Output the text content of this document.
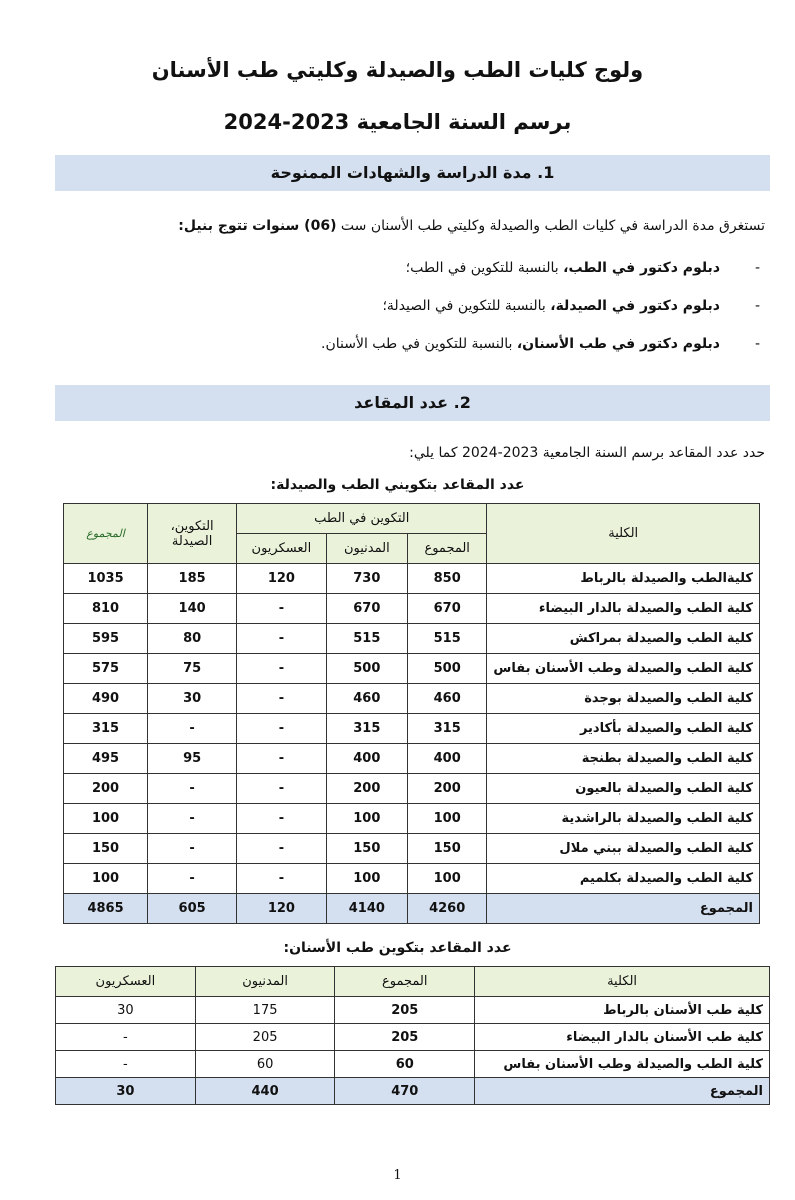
ولوج كليات الطب والصيدلة وكليتي طب الأسنان
برسم السنة الجامعية 2023-2024
1. مدة الدراسة والشهادات الممنوحة
تستغرق مدة الدراسة في كليات الطب والصيدلة وكليتي طب الأسنان ست (06) سنوات تتوج بنيل:
-دبلوم دكتور في الطب، بالنسبة للتكوين في الطب؛
-دبلوم دكتور في الصيدلة، بالنسبة للتكوين في الصيدلة؛
-دبلوم دكتور في طب الأسنان، بالنسبة للتكوين في طب الأسنان.
2. عدد المقاعد
حدد عدد المقاعد برسم السنة الجامعية 2023-2024 كما يلي:
عدد المقاعد بتكويني الطب والصيدلة:
الكلية	التكوين في الطب			التكوين، الصيدلة	المجموع
	المجموع	المدنيون	العسكريون		
كليةالطب والصيدلة بالرباط	850	730	120	185	1035
كلية الطب والصيدلة بالدار البيضاء	670	670	-	140	810
كلية الطب والصيدلة بمراكش	515	515	-	80	595
كلية الطب والصيدلة وطب الأسنان بفاس	500	500	-	75	575
كلية الطب والصيدلة بوجدة	460	460	-	30	490
كلية الطب والصيدلة بأكادير	315	315	-	-	315
كلية الطب والصيدلة بطنجة	400	400	-	95	495
كلية الطب والصيدلة بالعيون	200	200	-	-	200
كلية الطب والصيدلة بالراشدية	100	100	-	-	100
كلية الطب والصيدلة ببني ملال	150	150	-	-	150
كلية الطب والصيدلة بكلميم	100	100	-	-	100
المجموع	4260	4140	120	605	4865
عدد المقاعد بتكوين طب الأسنان:
الكلية	المجموع	المدنيون	العسكريون
كلية طب الأسنان بالرباط	205	175	30
كلية طب الأسنان بالدار البيضاء	205	205	-
كلية الطب والصيدلة وطب الأسنان بفاس	60	60	-
المجموع	470	440	30
1
